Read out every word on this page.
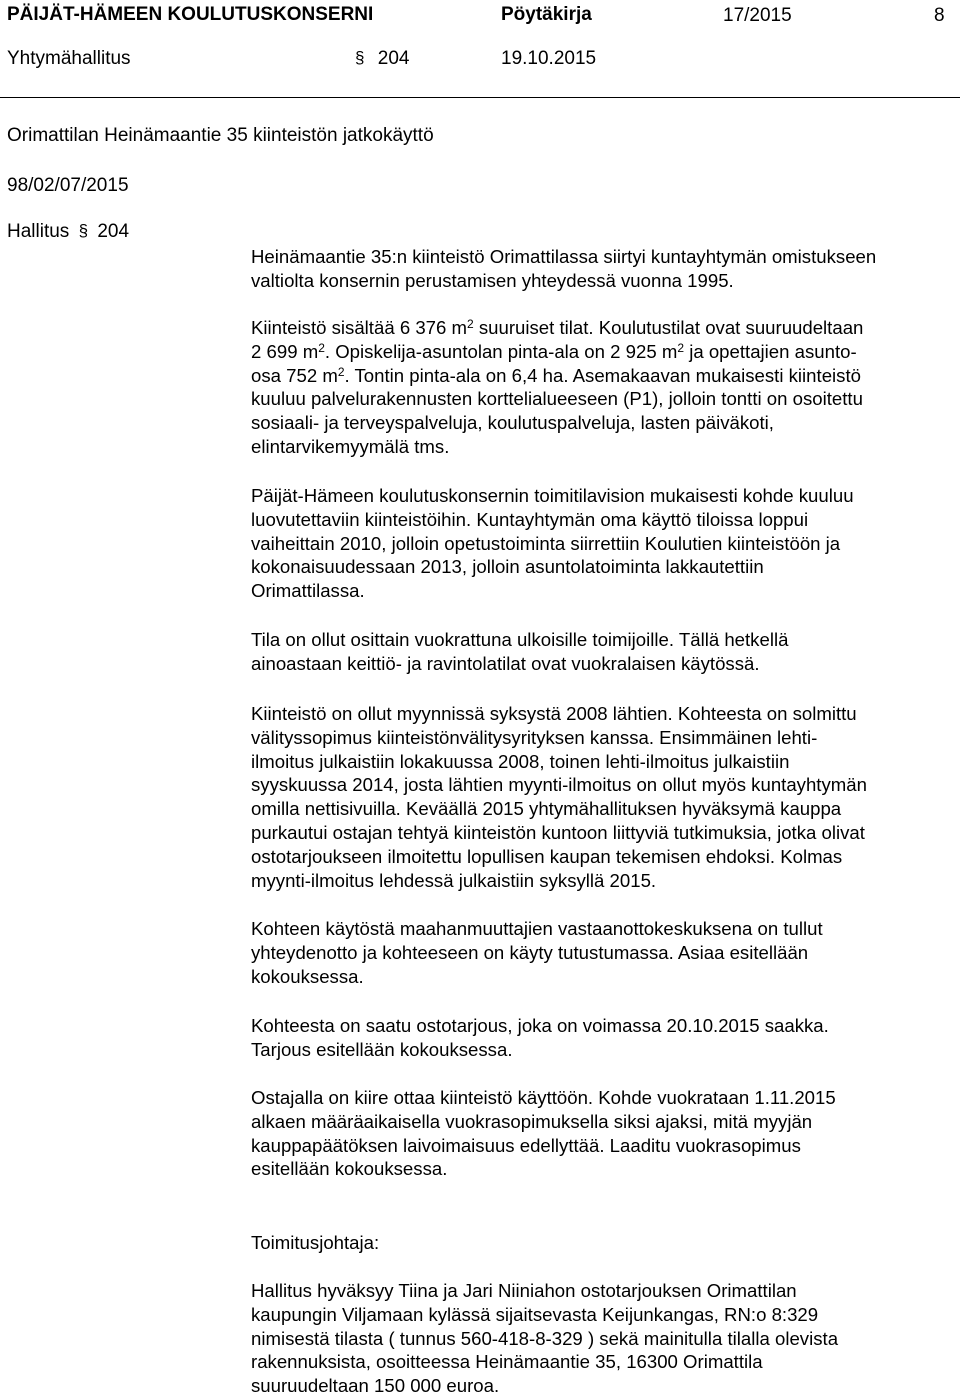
PÄIJÄT-HÄMEEN KOULUTUSKONSERNI	Pöytäkirja	17/2015	8
Yhtymähallitus	§ 204	19.10.2015
Orimattilan Heinämaantie 35 kiinteistön jatkokäyttö
98/02/07/2015
Hallitus § 204
Heinämaantie 35:n kiinteistö Orimattilassa siirtyi kuntayhtymän omistukseen
valtiolta konsernin perustamisen yhteydessä vuonna 1995.
Kiinteistö sisältää 6 376 $m^2$ suuruiset tilat. Koulutustilat ovat suuruudeltaan
2 699 $m^2$. Opiskelija-asuntolan pinta-ala on 2 925 $m^2$ ja opettajien asunto-
osa 752 $m^2$. Tontin pinta-ala on 6,4 ha. Asemakaavan mukaisesti kiinteistö
kuuluu palvelurakennusten korttelialueeseen (P1), jolloin tontti on osoitettu
sosiaali- ja terveyspalveluja, koulutuspalveluja, lasten päiväkoti,
elintarvikemyymälä tms.
Päijät-Hämeen koulutuskonsernin toimitilavision mukaisesti kohde kuuluu
luovutettaviin kiinteistöihin. Kuntayhtymän oma käyttö tiloissa loppui
vaiheittain 2010, jolloin opetustoiminta siirrettiin Koulutien kiinteistöön ja
kokonaisuudessaan 2013, jolloin asuntolatoiminta lakkautettiin
Orimattilassa.
Tila on ollut osittain vuokrattuna ulkoisille toimijoille. Tällä hetkellä
ainoastaan keittiö- ja ravintolatilat ovat vuokralaisen käytössä.
Kiinteistö on ollut myynnissä syksystä 2008 lähtien. Kohteesta on solmittu
välityssopimus kiinteistönvälitysyrityksen kanssa. Ensimmäinen lehti-
ilmoitus julkaistiin lokakuussa 2008, toinen lehti-ilmoitus julkaistiin
syyskuussa 2014, josta lähtien myynti-ilmoitus on ollut myös kuntayhtymän
omilla nettisivuilla. Keväällä 2015 yhtymähallituksen hyväksymä kauppa
purkautui ostajan tehtyä kiinteistön kuntoon liittyviä tutkimuksia, jotka olivat
ostotarjoukseen ilmoitettu lopullisen kaupan tekemisen ehdoksi. Kolmas
myynti-ilmoitus lehdessä julkaistiin syksyllä 2015.
Kohteen käytöstä maahanmuuttajien vastaanottokeskuksena on tullut
yhteydenotto ja kohteeseen on käyty tutustumassa. Asiaa esitellään
kokouksessa.
Kohteesta on saatu ostotarjous, joka on voimassa 20.10.2015 saakka.
Tarjous esitellään kokouksessa.
Ostajalla on kiire ottaa kiinteistö käyttöön. Kohde vuokrataan 1.11.2015
alkaen määräaikaisella vuokrasopimuksella siksi ajaksi, mitä myyjän
kauppapäätöksen laivoimaisuus edellyttää. Laaditu vuokrasopimus
esitellään kokouksessa.
Toimitusjohtaja:
Hallitus hyväksyy Tiina ja Jari Niiniahon ostotarjouksen Orimattilan
kaupungin Viljamaan kylässä sijaitsevasta Keijunkangas, RN:o 8:329
nimisestä tilasta ( tunnus 560-418-8-329 ) sekä mainitulla tilalla olevista
rakennuksista, osoitteessa Heinämaantie 35, 16300 Orimattila
suuruudeltaan 150 000 euroa.
